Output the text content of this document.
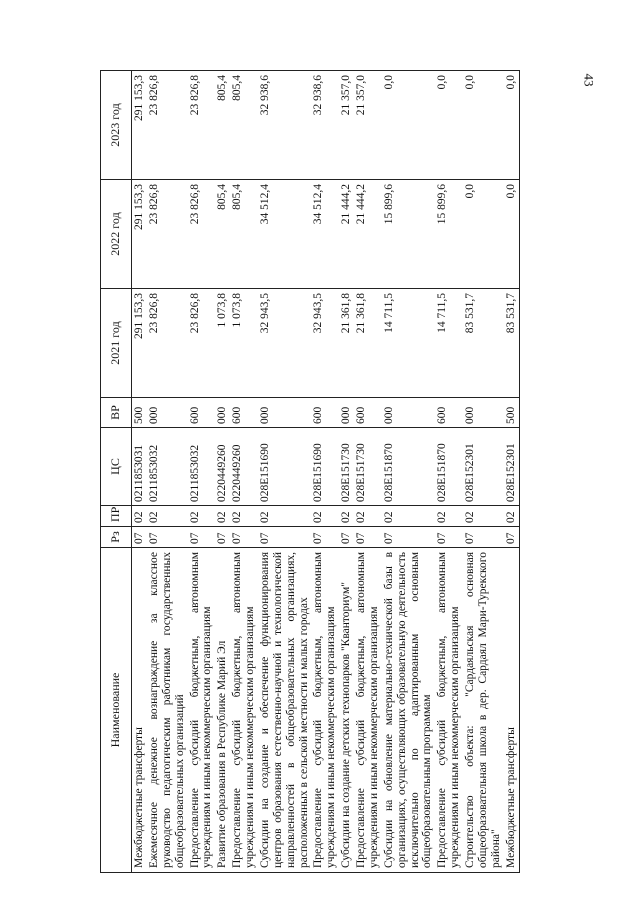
43
Наименование	Рз	ПР	ЦС	ВР	2021 год	2022 год	2023 год
Межбюджетные трансферты	07	02	0211853031	500	291 153,3	291 153,3	291 153,3
Ежемесячное денежное вознаграждение за классное руководство педагогическим работникам государственных общеобразовательных организаций	07	02	0211853032	000	23 826,8	23 826,8	23 826,8
Предоставление субсидий бюджетным, автономным учреждениям и иным некоммерческим организациям	07	02	0211853032	600	23 826,8	23 826,8	23 826,8
Развитие образования в Республике Марий Эл	07	02	0220449260	000	1 073,8	805,4	805,4
Предоставление субсидий бюджетным, автономным учреждениям и иным некоммерческим организациям	07	02	0220449260	600	1 073,8	805,4	805,4
Субсидии на создание и обеспечение функционирования центров образования естественно-научной и технологической направленностей в общеобразовательных организациях, расположенных в сельской местности и малых городах	07	02	028E151690	000	32 943,5	34 512,4	32 938,6
Предоставление субсидий бюджетным, автономным учреждениям и иным некоммерческим организациям	07	02	028E151690	600	32 943,5	34 512,4	32 938,6
Субсидии на создание детских технопарков "Кванториум"	07	02	028E151730	000	21 361,8	21 444,2	21 357,0
Предоставление субсидий бюджетным, автономным учреждениям и иным некоммерческим организациям	07	02	028E151730	600	21 361,8	21 444,2	21 357,0
Субсидии на обновление материально-технической базы в организациях, осуществляющих образовательную деятельность исключительно по адаптированным основным общеобразовательным программам	07	02	028E151870	000	14 711,5	15 899,6	0,0
Предоставление субсидий бюджетным, автономным учреждениям и иным некоммерческим организациям	07	02	028E151870	600	14 711,5	15 899,6	0,0
Строительство объекта: "Сардаяльская основная общеобразовательная школа в дер. Сардаял Мари-Турекского района"	07	02	028E152301	000	83 531,7	0,0	0,0
Межбюджетные трансферты	07	02	028E152301	500	83 531,7	0,0	0,0
